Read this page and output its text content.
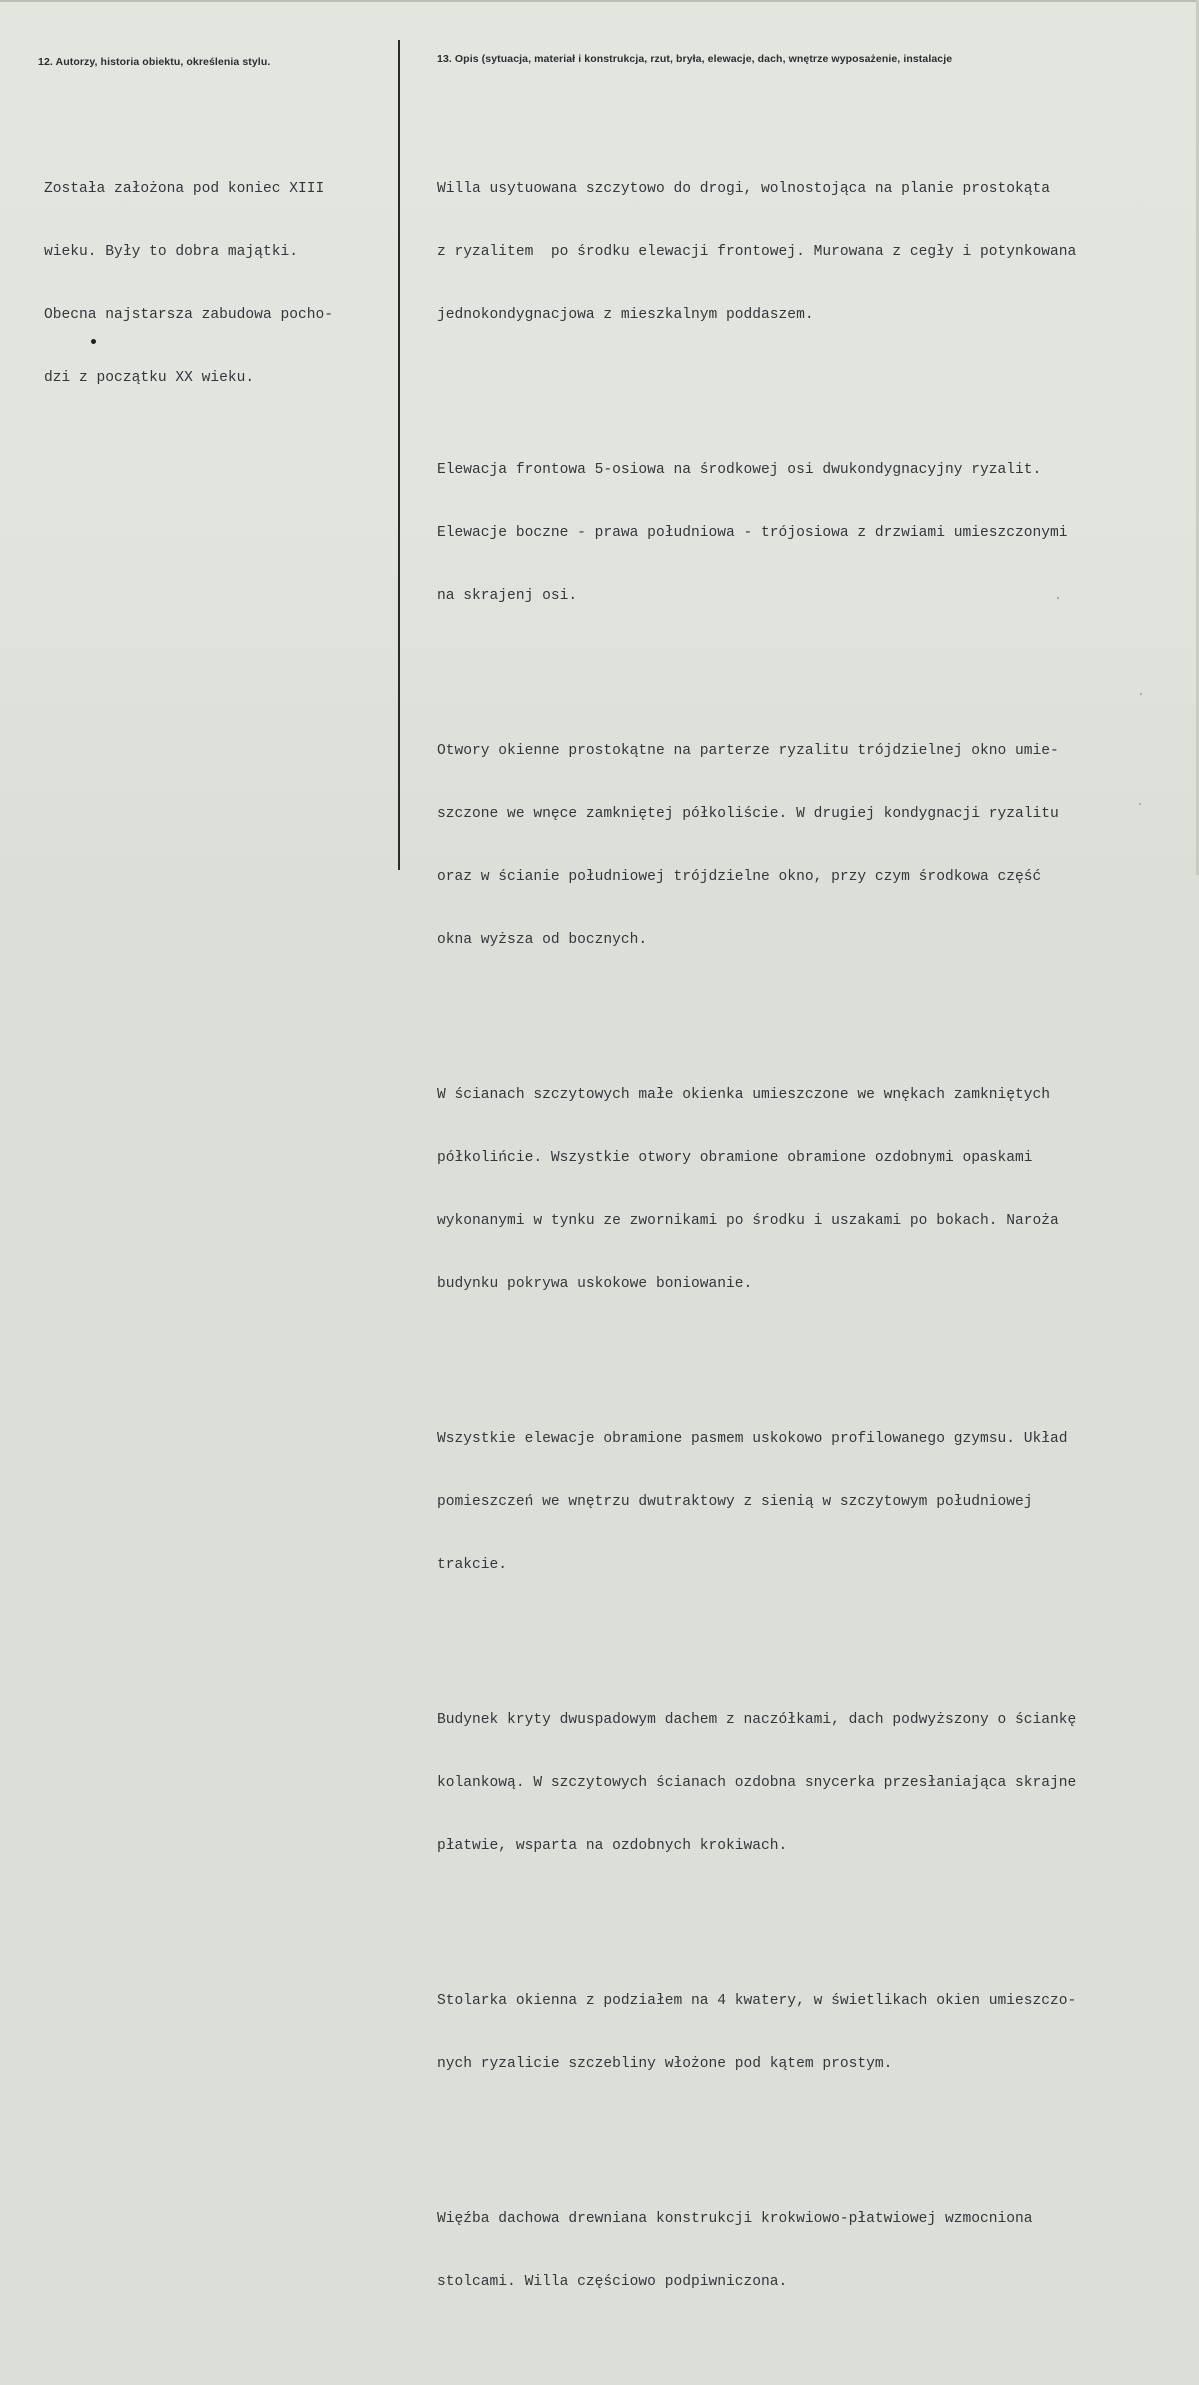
12. Autorzy, historia obiektu, określenia stylu.	13. Opis (sytuacja, materiał i konstrukcja, rzut, bryła, elewacje, dach, wnętrze wyposażenie, instalacje

Została założona pod koniec XIII

wieku. Były to dobra majątki.

Obecna najstarsza zabudowa pocho-

dzi z początku XX wieku.

Willa usytuowana szczytowo do drogi, wolnostojąca na planie prostokąta

z ryzalitem  po środku elewacji frontowej. Murowana z cegły i potynkowana

jednokondygnacjowa z mieszkalnym poddaszem.

Elewacja frontowa 5-osiowa na środkowej osi dwukondygnacyjny ryzalit.

Elewacje boczne - prawa południowa - trójosiowa z drzwiami umieszczonymi

na skrajenj osi.

Otwory okienne prostokątne na parterze ryzalitu trójdzielnej okno umie-

szczone we wnęce zamkniętej półkoliście. W drugiej kondygnacji ryzalitu

oraz w ścianie południowej trójdzielne okno, przy czym środkowa część

okna wyższa od bocznych.

W ścianach szczytowych małe okienka umieszczone we wnękach zamkniętych

półkolińcie. Wszystkie otwory obramione obramione ozdobnymi opaskami

wykonanymi w tynku ze zwornikami po środku i uszakami po bokach. Naroża

budynku pokrywa uskokowe boniowanie.

Wszystkie elewacje obramione pasmem uskokowo profilowanego gzymsu. Układ

pomieszczeń we wnętrzu dwutraktowy z sienią w szczytowym południowej

trakcie.

Budynek kryty dwuspadowym dachem z naczółkami, dach podwyższony o ściankę

kolankową. W szczytowych ścianach ozdobna snycerka przesłaniająca skrajne

płatwie, wsparta na ozdobnych krokiwach.

Stolarka okienna z podziałem na 4 kwatery, w świetlikach okien umieszczo-

nych ryzalicie szczebliny włożone pod kątem prostym.

Więźba dachowa drewniana konstrukcji krokwiowo-płatwiowej wzmocniona

stolcami. Willa częściowo podpiwniczona.
